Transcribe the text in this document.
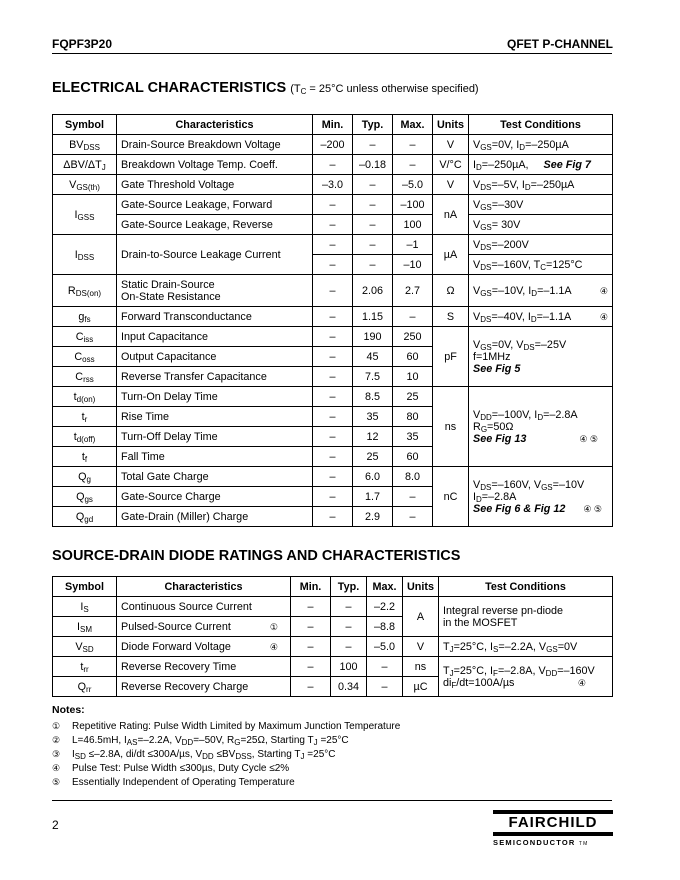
FQPF3P20	QFET P-CHANNEL
ELECTRICAL CHARACTERISTICS ($T_C = 25^\circ C$ unless otherwise specified)
Symbol	Characteristics	Min.	Typ.	Max.	Units	Test Conditions
$BV_{DSS}$	Drain-Source Breakdown Voltage	–200	–	–	V	$V_{GS}=0V$, $I_D=-250\mu A$
ΔBV/$\Delta T_J$	Breakdown Voltage Temp. Coeff.	–	–0.18	–	V/°C	$I_D=-250\mu A$, See Fig 7
$V_{GS(th)}$	Gate Threshold Voltage	–3.0	–	–5.0	V	$V_{DS}=-5V$, $I_D=-250\mu A$
$I_{GSS}$	Gate-Source Leakage, Forward	–	–	–100	nA	$V_{GS}=-30V$
	Gate-Source Leakage, Reverse	–	–	100		$V_{GS}= 30V$
$I_{DSS}$	Drain-to-Source Leakage Current	–	–	–1	µA	$V_{DS}=-200V$
		–	–	–10		$V_{DS}=-160V$, $T_C=125^\circ C$
$R_{DS(on)}$	Static Drain-Source
On-State Resistance	–	2.06	2.7	Ω	$V_{GS}=-10V$, $I_D=-1.1A$ ④

$g_{fs}$	Forward Transconductance	–	1.15	–	S	$V_{DS}=-40V$, $I_D=-1.1A$ ④

$C_{iss}$	Input Capacitance	–	190	250	pF	$V_{GS}=0V$, $V_{DS}=-25V$
f=1MHz
See Fig 5
$C_{oss}$	Output Capacitance	–	45	60		
$C_{rss}$	Reverse Transfer Capacitance	–	7.5	10		
$t_{d(on)}$	Turn-On Delay Time	–	8.5	25	ns	$V_{DD}=-100V$, $I_D=-2.8A$
$R_G=50\Omega$
See Fig 13 ④ ⑤

$t_r$	Rise Time	–	35	80		
$t_{d(off)}$	Turn-Off Delay Time	–	12	35		
$t_f$	Fall Time	–	25	60		
$Q_g$	Total Gate Charge	–	6.0	8.0	nC	$V_{DS}=-160V$, $V_{GS}=-10V$
$I_D=-2.8A$
See Fig 6 & Fig 12 ④ ⑤

$Q_{gs}$	Gate-Source Charge	–	1.7	–		
$Q_{gd}$	Gate-Drain (Miller) Charge	–	2.9	–		
SOURCE-DRAIN DIODE RATINGS AND CHARACTERISTICS
Symbol	Characteristics	Min.	Typ.	Max.	Units	Test Conditions
$I_S$	Continuous Source Current	–	–	–2.2	A	Integral reverse pn-diode
in the MOSFET
$I_{SM}$	Pulsed-Source Current ①	–	–	–8.8		
$V_{SD}$	Diode Forward Voltage ④	–	–	–5.0	V	$T_J=25^\circ C$, $I_S=-2.2A$, $V_{GS}=0V$
$t_{rr}$	Reverse Recovery Time	–	100	–	ns	$T_J=25^\circ C$, $I_F=-2.8A$, $V_{DD}=-160V$
$di_F/dt=100A/\mu s$ ④

$Q_{rr}$	Reverse Recovery Charge	–	0.34	–	µC	
Notes:
① Repetitive Rating: Pulse Width Limited by Maximum Junction Temperature
② L=46.5mH, $I_{AS}=-2.2A$, $V_{DD}=-50V$, $R_G=25\Omega$, Starting $T_J =25^\circ C$
③ $I_{SD} \le-2.8A$, di/dt ≤300A/µs, $V_{DD} \le BV_{DSS}$, Starting $T_J =25^\circ C$
④ Pulse Test: Pulse Width ≤300µs, Duty Cycle ≤2%
⑤ Essentially Independent of Operating Temperature
2	FAIRCHILD
SEMICONDUCTOR TM
